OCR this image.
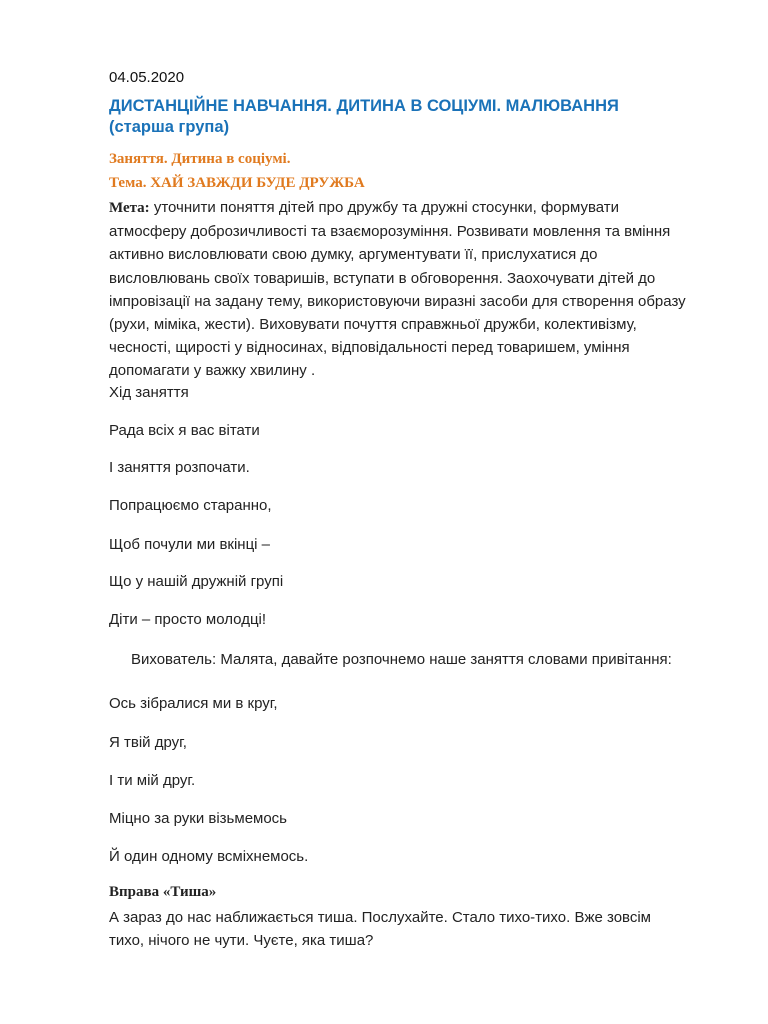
04.05.2020
ДИСТАНЦІЙНЕ НАВЧАННЯ. ДИТИНА В СОЦІУМІ. МАЛЮВАННЯ (старша група)
Заняття. Дитина в соціумі.
Тема. ХАЙ ЗАВЖДИ БУДЕ ДРУЖБА
Мета: уточнити поняття дітей про дружбу та дружні стосунки, формувати атмосферу доброзичливості та взаєморозуміння. Розвивати мовлення та вміння активно висловлювати свою думку, аргументувати її, прислухатися до висловлювань своїх товаришів, вступати в обговорення. Заохочувати дітей до імпровізації на задану тему, використовуючи виразні засоби для створення образу (рухи, міміка, жести). Виховувати почуття справжньої дружби, колективізму, чесності, щирості у відносинах, відповідальності перед товаришем, уміння допомагати у важку хвилину .
Хід заняття
Рада всіх я вас вітати
І заняття розпочати.
Попрацюємо старанно,
Щоб почули ми вкінці –
Що у нашій дружній групі
Діти – просто молодці!
Вихователь: Малята, давайте розпочнемо наше заняття словами привітання:
Ось зібралися ми в круг,
Я твій друг,
І ти мій друг.
Міцно за руки візьмемось
Й один одному всміхнемось.
Вправа «Тиша»
А зараз до нас наближається тиша. Послухайте. Стало тихо-тихо. Вже зовсім тихо, нічого не чути. Чуєте, яка тиша?
